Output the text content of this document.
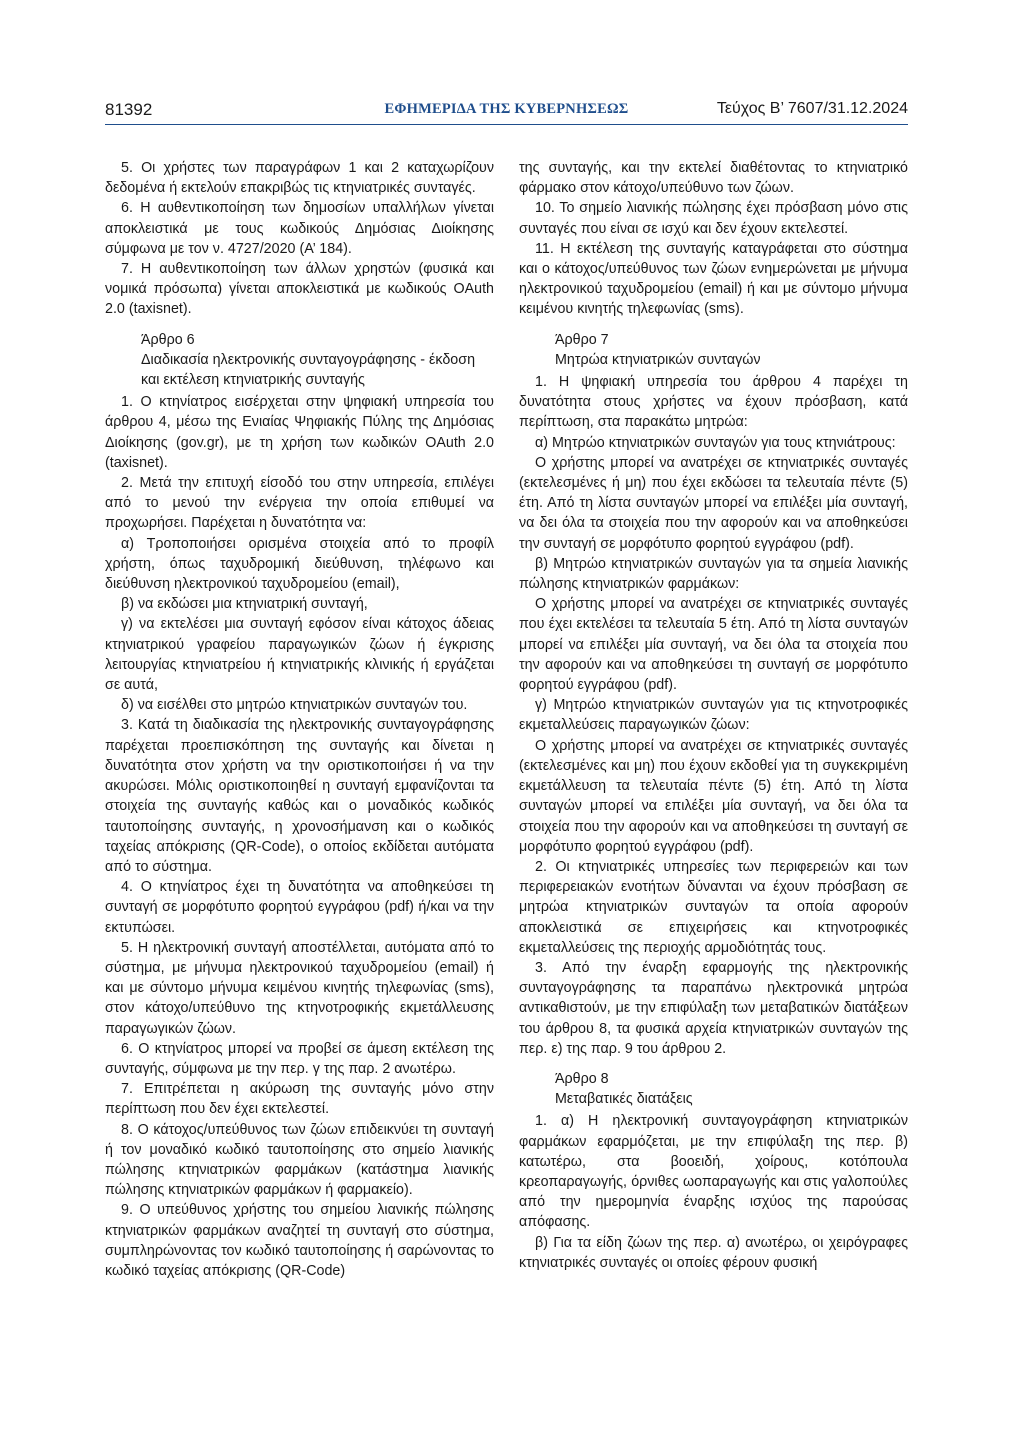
81392	ΕΦΗΜΕΡΙΔΑ ΤΗΣ ΚΥΒΕΡΝΗΣΕΩΣ	Τεύχος Β’ 7607/31.12.2024

5. Οι χρήστες των παραγράφων 1 και 2 καταχωρίζουν δεδομένα ή εκτελούν επακριβώς τις κτηνιατρικές συνταγές.

6. Η αυθεντικοποίηση των δημοσίων υπαλλήλων γίνεται αποκλειστικά με τους κωδικούς Δημόσιας Διοίκησης σύμφωνα με τον ν. 4727/2020 (Α’ 184).

7. Η αυθεντικοποίηση των άλλων χρηστών (φυσικά και νομικά πρόσωπα) γίνεται αποκλειστικά με κωδικούς OAuth 2.0 (taxisnet).

Άρθρο 6
Διαδικασία ηλεκτρονικής συνταγογράφησης - έκδοση και εκτέλεση κτηνιατρικής συνταγής

1. Ο κτηνίατρος εισέρχεται στην ψηφιακή υπηρεσία του άρθρου 4, μέσω της Ενιαίας Ψηφιακής Πύλης της Δημόσιας Διοίκησης (gov.gr), με τη χρήση των κωδικών OAuth 2.0 (taxisnet).

2. Μετά την επιτυχή είσοδό του στην υπηρεσία, επιλέγει από το μενού την ενέργεια την οποία επιθυμεί να προχωρήσει. Παρέχεται η δυνατότητα να:

α) Τροποποιήσει ορισμένα στοιχεία από το προφίλ χρήστη, όπως ταχυδρομική διεύθυνση, τηλέφωνο και διεύθυνση ηλεκτρονικού ταχυδρομείου (email),

β) να εκδώσει μια κτηνιατρική συνταγή,

γ) να εκτελέσει μια συνταγή εφόσον είναι κάτοχος άδειας κτηνιατρικού γραφείου παραγωγικών ζώων ή έγκρισης λειτουργίας κτηνιατρείου ή κτηνιατρικής κλινικής ή εργάζεται σε αυτά,

δ) να εισέλθει στο μητρώο κτηνιατρικών συνταγών του.

3. Κατά τη διαδικασία της ηλεκτρονικής συνταγογράφησης παρέχεται προεπισκόπηση της συνταγής και δίνεται η δυνατότητα στον χρήστη να την οριστικοποιήσει ή να την ακυρώσει. Μόλις οριστικοποιηθεί η συνταγή εμφανίζονται τα στοιχεία της συνταγής καθώς και ο μοναδικός κωδικός ταυτοποίησης συνταγής, η χρονοσήμανση και ο κωδικός ταχείας απόκρισης (QR-Code), ο οποίος εκδίδεται αυτόματα από το σύστημα.

4. Ο κτηνίατρος έχει τη δυνατότητα να αποθηκεύσει τη συνταγή σε μορφότυπο φορητού εγγράφου (pdf) ή/και να την εκτυπώσει.

5. Η ηλεκτρονική συνταγή αποστέλλεται, αυτόματα από το σύστημα, με μήνυμα ηλεκτρονικού ταχυδρομείου (email) ή και με σύντομο μήνυμα κειμένου κινητής τηλεφωνίας (sms), στον κάτοχο/υπεύθυνο της κτηνοτροφικής εκμετάλλευσης παραγωγικών ζώων.

6. Ο κτηνίατρος μπορεί να προβεί σε άμεση εκτέλεση της συνταγής, σύμφωνα με την περ. γ της παρ. 2 ανωτέρω.

7. Επιτρέπεται η ακύρωση της συνταγής μόνο στην περίπτωση που δεν έχει εκτελεστεί.

8. Ο κάτοχος/υπεύθυνος των ζώων επιδεικνύει τη συνταγή ή τον μοναδικό κωδικό ταυτοποίησης στο σημείο λιανικής πώλησης κτηνιατρικών φαρμάκων (κατάστημα λιανικής πώλησης κτηνιατρικών φαρμάκων ή φαρμακείο).

9. Ο υπεύθυνος χρήστης του σημείου λιανικής πώλησης κτηνιατρικών φαρμάκων αναζητεί τη συνταγή στο σύστημα, συμπληρώνοντας τον κωδικό ταυτοποίησης ή σαρώνοντας το κωδικό ταχείας απόκρισης (QR-Code)

της συνταγής, και την εκτελεί διαθέτοντας το κτηνιατρικό φάρμακο στον κάτοχο/υπεύθυνο των ζώων.

10. Το σημείο λιανικής πώλησης έχει πρόσβαση μόνο στις συνταγές που είναι σε ισχύ και δεν έχουν εκτελεστεί.

11. Η εκτέλεση της συνταγής καταγράφεται στο σύστημα και ο κάτοχος/υπεύθυνος των ζώων ενημερώνεται με μήνυμα ηλεκτρονικού ταχυδρομείου (email) ή και με σύντομο μήνυμα κειμένου κινητής τηλεφωνίας (sms).

Άρθρο 7
Μητρώα κτηνιατρικών συνταγών

1. Η ψηφιακή υπηρεσία του άρθρου 4 παρέχει τη δυνατότητα στους χρήστες να έχουν πρόσβαση, κατά περίπτωση, στα παρακάτω μητρώα:

α) Μητρώο κτηνιατρικών συνταγών για τους κτηνιάτρους:

Ο χρήστης μπορεί να ανατρέχει σε κτηνιατρικές συνταγές (εκτελεσμένες ή μη) που έχει εκδώσει τα τελευταία πέντε (5) έτη. Από τη λίστα συνταγών μπορεί να επιλέξει μία συνταγή, να δει όλα τα στοιχεία που την αφορούν και να αποθηκεύσει την συνταγή σε μορφότυπο φορητού εγγράφου (pdf).

β) Μητρώο κτηνιατρικών συνταγών για τα σημεία λιανικής πώλησης κτηνιατρικών φαρμάκων:

Ο χρήστης μπορεί να ανατρέχει σε κτηνιατρικές συνταγές που έχει εκτελέσει τα τελευταία 5 έτη. Από τη λίστα συνταγών μπορεί να επιλέξει μία συνταγή, να δει όλα τα στοιχεία που την αφορούν και να αποθηκεύσει τη συνταγή σε μορφότυπο φορητού εγγράφου (pdf).

γ) Μητρώο κτηνιατρικών συνταγών για τις κτηνοτροφικές εκμεταλλεύσεις παραγωγικών ζώων:

Ο χρήστης μπορεί να ανατρέχει σε κτηνιατρικές συνταγές (εκτελεσμένες και μη) που έχουν εκδοθεί για τη συγκεκριμένη εκμετάλλευση τα τελευταία πέντε (5) έτη. Από τη λίστα συνταγών μπορεί να επιλέξει μία συνταγή, να δει όλα τα στοιχεία που την αφορούν και να αποθηκεύσει τη συνταγή σε μορφότυπο φορητού εγγράφου (pdf).

2. Οι κτηνιατρικές υπηρεσίες των περιφερειών και των περιφερειακών ενοτήτων δύνανται να έχουν πρόσβαση σε μητρώα κτηνιατρικών συνταγών τα οποία αφορούν αποκλειστικά σε επιχειρήσεις και κτηνοτροφικές εκμεταλλεύσεις της περιοχής αρμοδιότητάς τους.

3. Από την έναρξη εφαρμογής της ηλεκτρονικής συνταγογράφησης τα παραπάνω ηλεκτρονικά μητρώα αντικαθιστούν, με την επιφύλαξη των μεταβατικών διατάξεων του άρθρου 8, τα φυσικά αρχεία κτηνιατρικών συνταγών της περ. ε) της παρ. 9 του άρθρου 2.

Άρθρο 8
Μεταβατικές διατάξεις

1. α) Η ηλεκτρονική συνταγογράφηση κτηνιατρικών φαρμάκων εφαρμόζεται, με την επιφύλαξη της περ. β) κατωτέρω, στα βοοειδή, χοίρους, κοτόπουλα κρεοπαραγωγής, όρνιθες ωοπαραγωγής και στις γαλοπούλες από την ημερομηνία έναρξης ισχύος της παρούσας απόφασης.

β) Για τα είδη ζώων της περ. α) ανωτέρω, οι χειρόγραφες κτηνιατρικές συνταγές οι οποίες φέρουν φυσική
